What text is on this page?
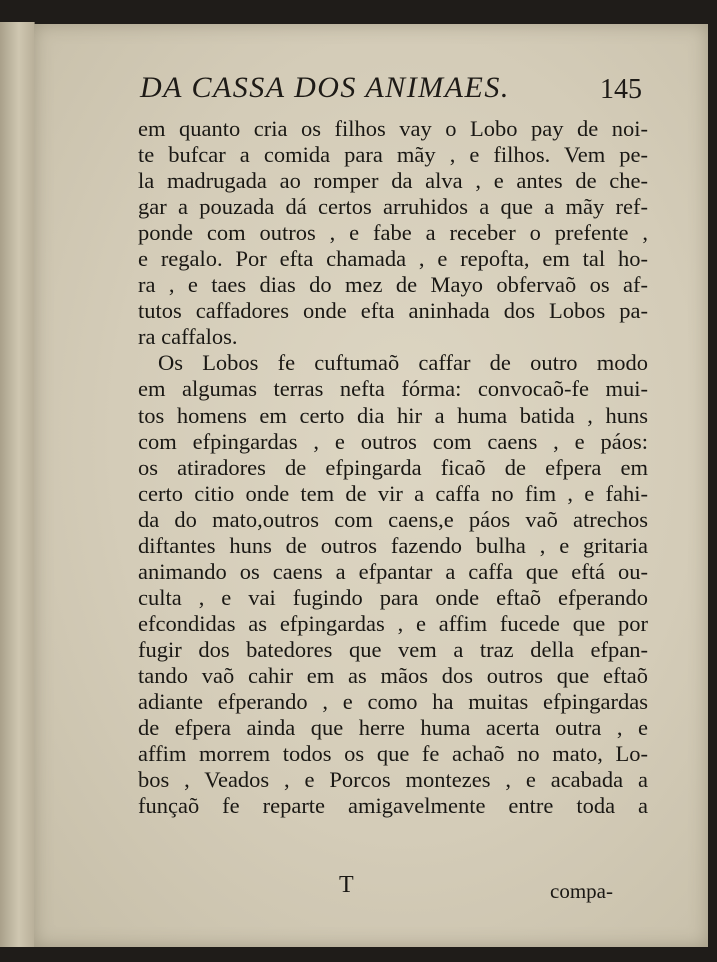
DA CASSA DOS ANIMAES.	145
em quanto cria os filhos vay o Lobo pay de noi-
te bufcar a comida para mãy , e filhos. Vem pe-
la madrugada ao romper da alva , e antes de che-
gar a pouzada dá certos arruhidos a que a mãy ref-
ponde com outros , e fabe a receber o prefente ,
e regalo. Por efta chamada , e repofta, em tal ho-
ra , e taes dias do mez de Mayo obfervaõ os af-
tutos caffadores onde efta aninhada dos Lobos pa-
ra caffalos.
Os Lobos fe cuftumaõ caffar de outro modo
em algumas terras nefta fórma: convocaõ-fe mui-
tos homens em certo dia hir a huma batida , huns
com efpingardas , e outros com caens , e páos:
os atiradores de efpingarda ficaõ de efpera em
certo citio onde tem de vir a caffa no fim , e fahi-
da do mato,outros com caens,e páos vaõ atrechos
diftantes huns de outros fazendo bulha , e gritaria
animando os caens a efpantar a caffa que eftá ou-
culta , e vai fugindo para onde eftaõ efperando
efcondidas as efpingardas , e affim fucede que por
fugir dos batedores que vem a traz della efpan-
tando vaõ cahir em as mãos dos outros que eftaõ
adiante efperando , e como ha muitas efpingardas
de efpera ainda que herre huma acerta outra , e
affim morrem todos os que fe achaõ no mato, Lo-
bos , Veados , e Porcos montezes , e acabada a
funçaõ fe reparte amigavelmente entre toda a
T	compa-
